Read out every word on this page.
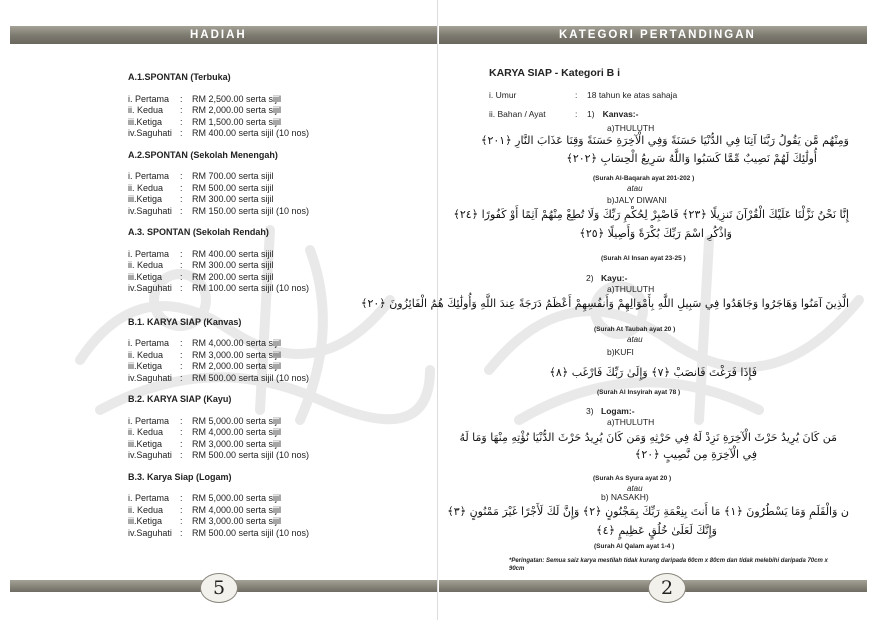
HADIAH
A.1.SPONTAN (Terbuka)
i. Pertama	:	RM 2,500.00 serta sijil
ii. Kedua	:	RM 2,000.00 serta sijil
iii.Ketiga	:	RM 1,500.00 serta sijil
iv.Saguhati :	RM 400.00 serta sijil (10 nos)
A.2.SPONTAN (Sekolah Menengah)
i. Pertama	:	RM 700.00 serta sijil
ii. Kedua	:	RM 500.00 serta sijil
iii.Ketiga	:	RM 300.00 serta sijil
iv.Saguhati :	RM 150.00 serta sijil (10 nos)
A.3. SPONTAN (Sekolah Rendah)
i. Pertama	:	RM 400.00 serta sijil
ii. Kedua	:	RM 300.00 serta sijil
iii.Ketiga	:	RM 200.00 serta sijil
iv.Saguhati :	RM 100.00 serta sijil (10 nos)
B.1. KARYA SIAP (Kanvas)
i. Pertama	:	RM 4,000.00 serta sijil
ii. Kedua	:	RM 3,000.00 serta sijil
iii.Ketiga	:	RM 2,000.00 serta sijil
iv.Saguhati :	RM 500.00 serta sijil (10 nos)
B.2. KARYA SIAP (Kayu)
i. Pertama	:	RM 5,000.00 serta sijil
ii. Kedua	:	RM 4,000.00 serta sijil
iii.Ketiga	:	RM 3,000.00 serta sijil
iv.Saguhati :	RM 500.00 serta sijil (10 nos)
B.3. Karya Siap (Logam)
i. Pertama	:	RM 5,000.00 serta sijil
ii. Kedua	:	RM 4,000.00 serta sijil
iii.Ketiga	:	RM 3,000.00 serta sijil
iv.Saguhati :	RM 500.00 serta sijil (10 nos)
5
KATEGORI PERTANDINGAN
KARYA SIAP - Kategori B i
i. Umur	:	18 tahun ke atas sahaja
ii. Bahan / Ayat	:	1) Kanvas:-
a)THULUTH
وَمِنْهُم مَّن يَقُولُ رَبَّنَا آتِنَا فِي الدُّنْيَا حَسَنَةً وَفِي الْآخِرَةِ حَسَنَةً وَقِنَا عَذَابَ النَّارِ ﴿٢٠١﴾
أُولَٰئِكَ لَهُمْ نَصِيبٌ مِّمَّا كَسَبُوا وَاللَّهُ سَرِيعُ الْحِسَابِ ﴿٢٠٢﴾
(Surah Al-Baqarah ayat 201-202 )
atau
b)JALY DIWANI
إِنَّا نَحْنُ نَزَّلْنَا عَلَيْكَ الْقُرْآنَ تَنزِيلًا ﴿٢٣﴾ فَاصْبِرْ لِحُكْمِ رَبِّكَ وَلَا تُطِعْ مِنْهُمْ آثِمًا أَوْ كَفُورًا ﴿٢٤﴾
وَاذْكُرِ اسْمَ رَبِّكَ بُكْرَةً وَأَصِيلًا ﴿٢٥﴾
(Surah Al Insan ayat 23-25 )
2) Kayu:-
a)THULUTH
الَّذِينَ آمَنُوا وَهَاجَرُوا وَجَاهَدُوا فِي سَبِيلِ اللَّهِ بِأَمْوَالِهِمْ وَأَنفُسِهِمْ أَعْظَمُ دَرَجَةً عِندَ اللَّهِ وَأُولَٰئِكَ هُمُ الْفَائِزُونَ ﴿٢٠﴾
(Surah At Taubah ayat 20 )
atau
b)KUFI
فَإِذَا فَرَغْتَ فَانصَبْ ﴿٧﴾ وَإِلَىٰ رَبِّكَ فَارْغَب ﴿٨﴾
(Surah Al Insyirah ayat 78 )
3) Logam:-
a)THULUTH
مَن كَانَ يُرِيدُ حَرْثَ الْآخِرَةِ نَزِدْ لَهُ فِي حَرْثِهِ وَمَن كَانَ يُرِيدُ حَرْثَ الدُّنْيَا نُؤْتِهِ مِنْهَا وَمَا لَهُ
فِي الْآخِرَةِ مِن نَّصِيبٍ ﴿٢٠﴾
(Surah As Syura ayat 20 )
atau
b) NASAKH)
ن وَالْقَلَمِ وَمَا يَسْطُرُونَ ﴿١﴾ مَا أَنتَ بِنِعْمَةِ رَبِّكَ بِمَجْنُونٍ ﴿٢﴾ وَإِنَّ لَكَ لَأَجْرًا غَيْرَ مَمْنُونٍ ﴿٣﴾
وَإِنَّكَ لَعَلَىٰ خُلُقٍ عَظِيمٍ ﴿٤﴾
(Surah Al Qalam ayat 1-4 )
*Peringatan: Semua saiz karya mestilah tidak kurang daripada 60cm x 80cm dan tidak melebihi daripada 70cm x 90cm
2
